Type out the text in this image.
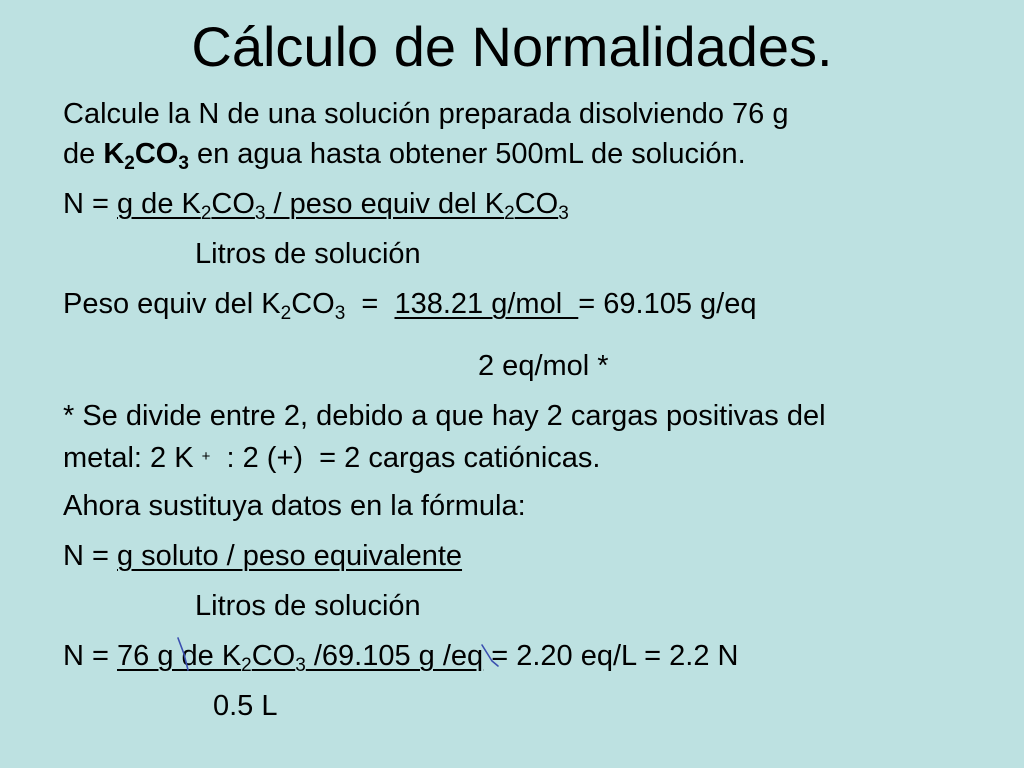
Cálculo de Normalidades.
Calcule la N de una solución preparada disolviendo 76 g
de $K_2CO_3$ en agua hasta obtener 500mL de solución.
N = g de $K_2CO_3$ / peso equiv del $K_2CO_3$
Litros de solución
Peso equiv del $K_2CO_3 = 138.21$ g/mol  = 69.105 g/eq
2 eq/mol *
* Se divide entre 2, debido a que hay 2 cargas positivas del
metal: 2 K +  : 2 (+)  = 2 cargas catiónicas.
Ahora sustituya datos en la fórmula:
N = g soluto / peso equivalente
Litros de solución
N = 76 g de $K_2CO_3$ /69.105 g /eq = 2.20 eq/L = 2.2 N
0.5 L
